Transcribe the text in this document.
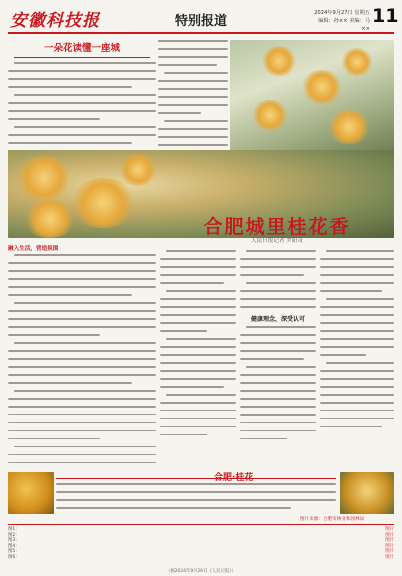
安徽科技报	特别报道
2024年9月27日 星期五
编辑：孙×× 美编：马××
11
一朵花读懂一座城
融入生活，营造氛围
合肥城里桂花香
人民日报记者 罗阳奇
健康理念，深受认可
合肥·桂花
图片来源：合肥市林业和园林局
图1：	图片
图2：	图片
图3：	图片
图4：	图片
图5：	图片
图6：	图片
（据2024年9月26日《人民日报》）
